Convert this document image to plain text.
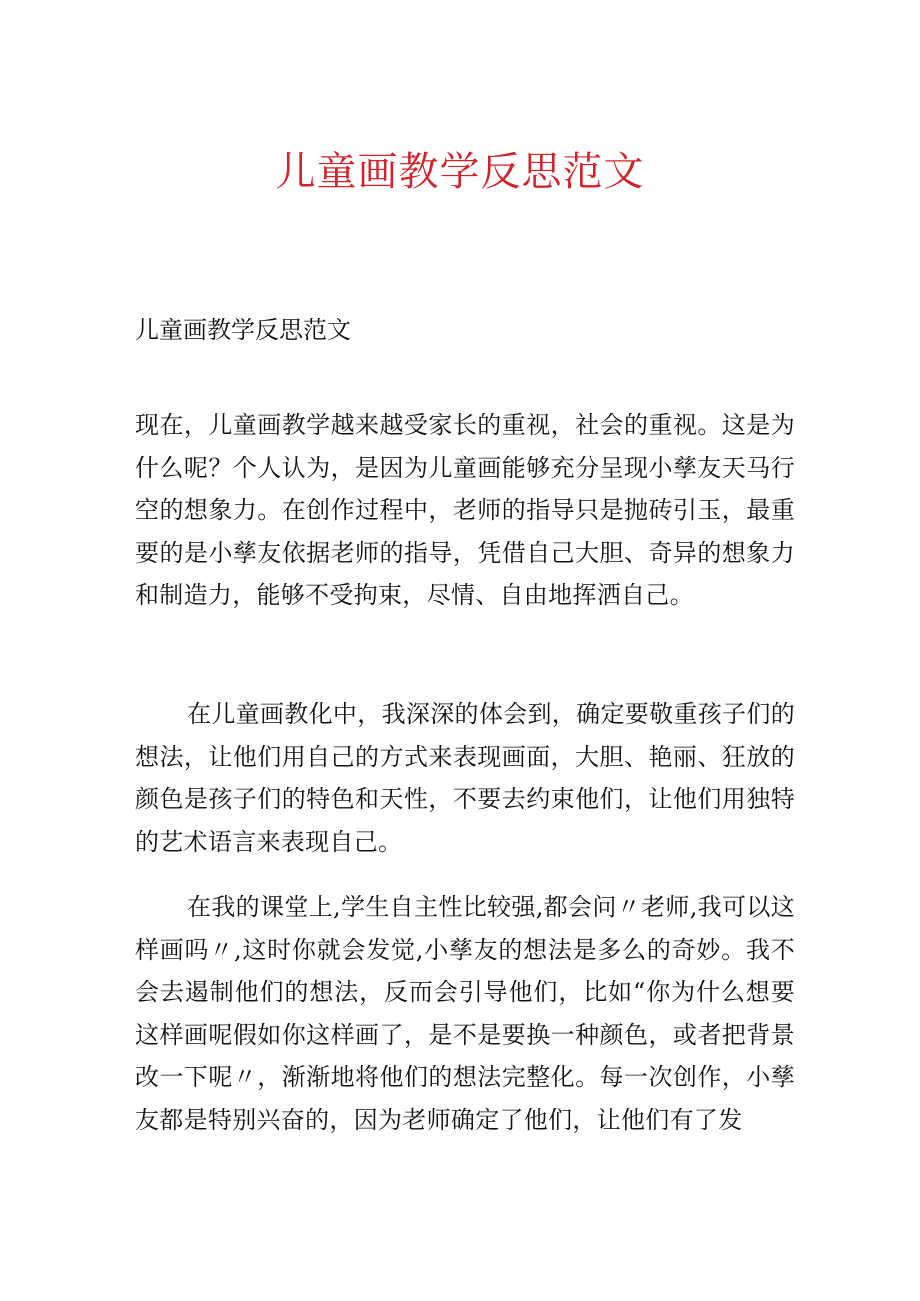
儿童画教学反思范文

儿童画教学反思范文

现在，儿童画教学越来越受家长的重视，社会的重视。这是为什么呢？个人认为，是因为儿童画能够充分呈现小孳友天马行空的想象力。在创作过程中，老师的指导只是抛砖引玉，最重要的是小孳友依据老师的指导，凭借自己大胆、奇异的想象力和制造力，能够不受拘束，尽情、自由地挥洒自己。

在儿童画教化中，我深深的体会到，确定要敬重孩子们的想法，让他们用自己的方式来表现画面，大胆、艳丽、狂放的颜色是孩子们的特色和天性，不要去约束他们，让他们用独特的艺术语言来表现自己。

在我的课堂上,学生自主性比较强,都会问〃老师,我可以这样画吗〃,这时你就会发觉,小孳友的想法是多么的奇妙。我不会去遏制他们的想法，反而会引导他们，比如“你为什么想要这样画呢假如你这样画了，是不是要换一种颜色，或者把背景改一下呢〃，渐渐地将他们的想法完整化。每一次创作，小孳友都是特别兴奋的，因为老师确定了他们，让他们有了发
